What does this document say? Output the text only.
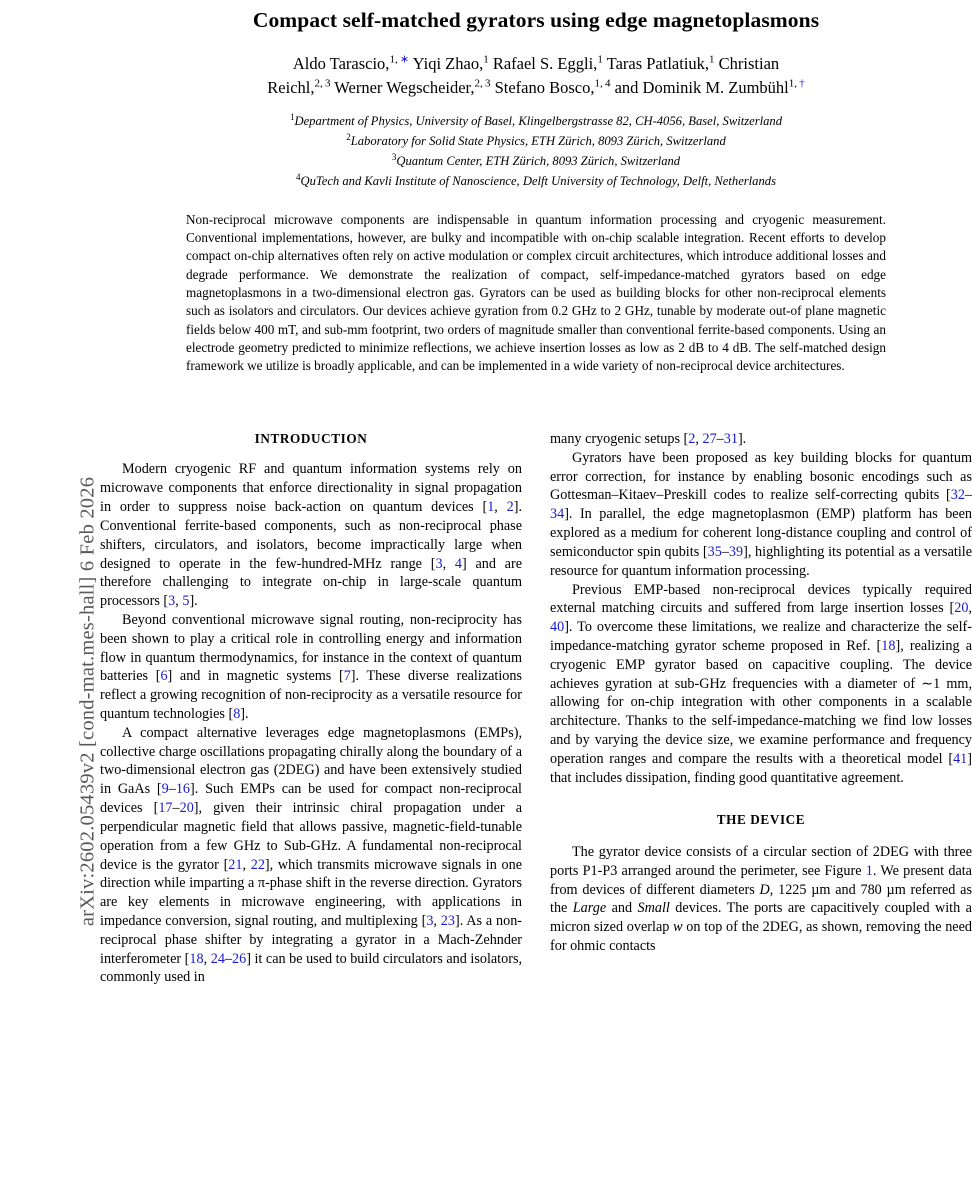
arXiv:2602.05439v2 [cond-mat.mes-hall] 6 Feb 2026
Compact self-matched gyrators using edge magnetoplasmons
Aldo Tarascio,$^{1,}$ ∗ Yiqi Zhao,$^1$ Rafael S. Eggli,$^1$ Taras Patlatiuk,$^1$ Christian
Reichl,$^{2, 3}$ Werner Wegscheider,$^{2, 3}$ Stefano Bosco,$^{1, 4}$ and Dominik M. Zumbühl$^{1,}$ †
$^1$Department of Physics, University of Basel, Klingelbergstrasse 82, CH-4056, Basel, Switzerland
$^2$Laboratory for Solid State Physics, ETH Zürich, 8093 Zürich, Switzerland
$^3$Quantum Center, ETH Zürich, 8093 Zürich, Switzerland
$^4$QuTech and Kavli Institute of Nanoscience, Delft University of Technology, Delft, Netherlands
Non-reciprocal microwave components are indispensable in quantum information processing and cryogenic measurement. Conventional implementations, however, are bulky and incompatible with on-chip scalable integration. Recent efforts to develop compact on-chip alternatives often rely on active modulation or complex circuit architectures, which introduce additional losses and degrade performance. We demonstrate the realization of compact, self-impedance-matched gyrators based on edge magnetoplasmons in a two-dimensional electron gas. Gyrators can be used as building blocks for other non-reciprocal elements such as isolators and circulators. Our devices achieve gyration from 0.2 GHz to 2 GHz, tunable by moderate out-of plane magnetic fields below 400 mT, and sub-mm footprint, two orders of magnitude smaller than conventional ferrite-based components. Using an electrode geometry predicted to minimize reflections, we achieve insertion losses as low as 2 dB to 4 dB. The self-matched design framework we utilize is broadly applicable, and can be implemented in a wide variety of non-reciprocal device architectures.
INTRODUCTION

Modern cryogenic RF and quantum information systems rely on microwave components that enforce directionality in signal propagation in order to suppress noise back-action on quantum devices [1, 2]. Conventional ferrite-based components, such as non-reciprocal phase shifters, circulators, and isolators, become impractically large when designed to operate in the few-hundred-MHz range [3, 4] and are therefore challenging to integrate on-chip in large-scale quantum processors [3, 5].

Beyond conventional microwave signal routing, non-reciprocity has been shown to play a critical role in controlling energy and information flow in quantum thermodynamics, for instance in the context of quantum batteries [6] and in magnetic systems [7]. These diverse realizations reflect a growing recognition of non-reciprocity as a versatile resource for quantum technologies [8].

A compact alternative leverages edge magnetoplasmons (EMPs), collective charge oscillations propagating chirally along the boundary of a two-dimensional electron gas (2DEG) and have been extensively studied in GaAs [9–16]. Such EMPs can be used for compact non-reciprocal devices [17–20], given their intrinsic chiral propagation under a perpendicular magnetic field that allows passive, magnetic-field-tunable operation from a few GHz to Sub-GHz. A fundamental non-reciprocal device is the gyrator [21, 22], which transmits microwave signals in one direction while imparting a π-phase shift in the reverse direction. Gyrators are key elements in microwave engineering, with applications in impedance conversion, signal routing, and multiplexing [3, 23]. As a non-reciprocal phase shifter by integrating a gyrator in a Mach-Zehnder interferometer [18, 24–26] it can be used to build circulators and isolators, commonly used in

many cryogenic setups [2, 27–31].

Gyrators have been proposed as key building blocks for quantum error correction, for instance by enabling bosonic encodings such as Gottesman–Kitaev–Preskill codes to realize self-correcting qubits [32–34]. In parallel, the edge magnetoplasmon (EMP) platform has been explored as a medium for coherent long-distance coupling and control of semiconductor spin qubits [35–39], highlighting its potential as a versatile resource for quantum information processing.

Previous EMP-based non-reciprocal devices typically required external matching circuits and suffered from large insertion losses [20, 40]. To overcome these limitations, we realize and characterize the self-impedance-matching gyrator scheme proposed in Ref. [18], realizing a cryogenic EMP gyrator based on capacitive coupling. The device achieves gyration at sub-GHz frequencies with a diameter of ∼1 mm, allowing for on-chip integration with other components in a scalable architecture. Thanks to the self-impedance-matching we find low losses and by varying the device size, we examine performance and frequency operation ranges and compare the results with a theoretical model [41] that includes dissipation, finding good quantitative agreement.

THE DEVICE

The gyrator device consists of a circular section of 2DEG with three ports P1-P3 arranged around the perimeter, see Figure 1. We present data from devices of different diameters D, 1225 µm and 780 µm referred as the Large and Small devices. The ports are capacitively coupled with a micron sized overlap w on top of the 2DEG, as shown, removing the need for ohmic contacts
